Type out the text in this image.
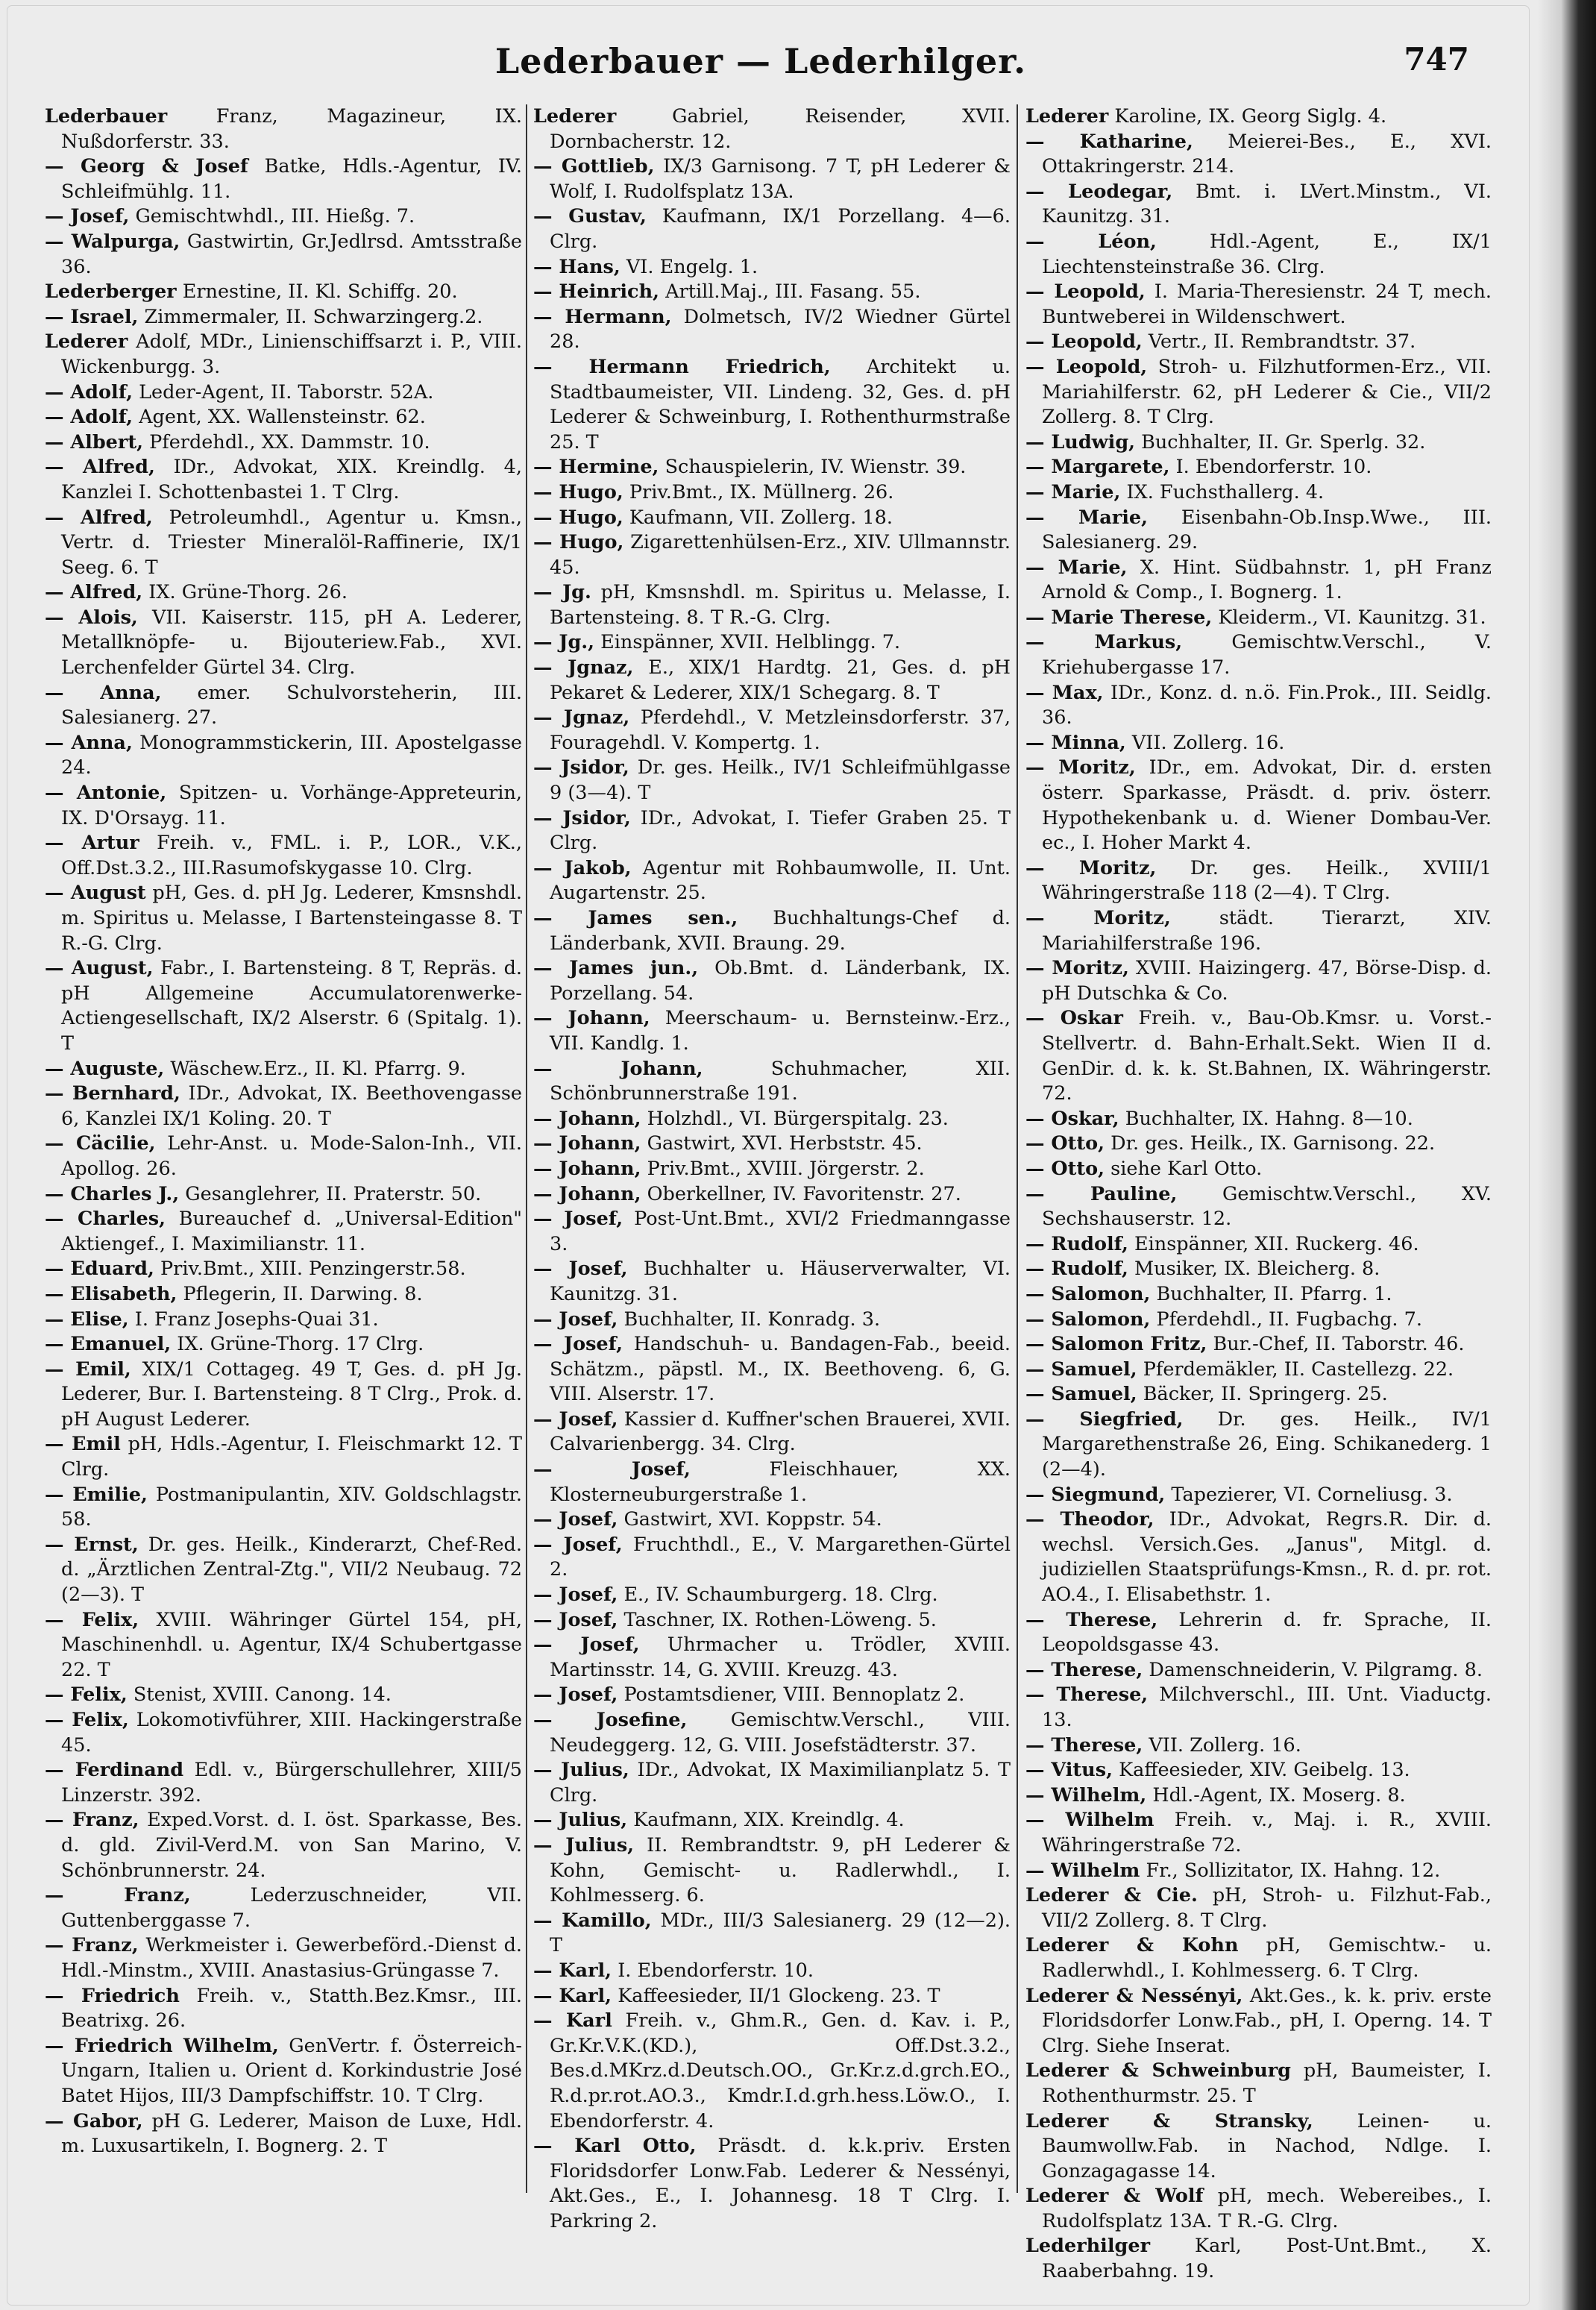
Lederbauer — Lederhilger.	747

Lederbauer	Franz, Magazineur, IX. Nußdorferstr. 33.

— Georg & Josef Batke, Hdls.-Agentur, IV. Schleifmühlg. 11.

— Josef, Gemischtwhdl., III. Hießg. 7.

— Walpurga, Gastwirtin, Gr.Jedlrsd. Amtsstraße 36.

Lederberger Ernestine, II. Kl. Schiffg. 20.

— Israel, Zimmermaler, II. Schwarzingerg.2.

Lederer Adolf, MDr., Linienschiffsarzt i. P., VIII. Wickenburgg. 3.

— Adolf, Leder-Agent, II. Taborstr. 52A.

— Adolf, Agent, XX. Wallensteinstr. 62.

— Albert, Pferdehdl., XX. Dammstr. 10.

— Alfred, IDr., Advokat, XIX. Kreindlg. 4, Kanzlei I. Schottenbastei 1. T Clrg.

— Alfred, Petroleumhdl., Agentur u. Kmsn., Vertr. d. Triester Mineralöl-Raffinerie, IX/1 Seeg. 6. T

— Alfred, IX. Grüne-Thorg. 26.

— Alois, VII. Kaiserstr. 115, pH A. Lederer, Metallknöpfe- u. Bijouteriew.Fab., XVI. Lerchenfelder Gürtel 34. Clrg.

— Anna, emer. Schulvorsteherin, III. Salesianerg. 27.

— Anna, Monogrammstickerin, III. Apostelgasse 24.

— Antonie, Spitzen- u. Vorhänge-Appreteurin, IX. D'Orsayg. 11.

— Artur Freih. v., FML. i. P., LOR., V.K., Off.Dst.3.2., III.Rasumofskygasse 10. Clrg.

— August pH, Ges. d. pH Jg. Lederer, Kmsnshdl. m. Spiritus u. Melasse, I Bartensteingasse 8. T R.-G. Clrg.

— August, Fabr., I. Bartensteing. 8 T, Repräs. d. pH Allgemeine Accumulatorenwerke-Actiengesellschaft, IX/2 Alserstr. 6 (Spitalg. 1). T

— Auguste, Wäschew.Erz., II. Kl. Pfarrg. 9.

— Bernhard, IDr., Advokat, IX. Beethovengasse 6, Kanzlei IX/1 Koling. 20. T

— Cäcilie, Lehr-Anst. u. Mode-Salon-Inh., VII. Apollog. 26.

— Charles J., Gesanglehrer, II. Praterstr. 50.

— Charles, Bureauchef d. „Universal-Edition" Aktiengef., I. Maximilianstr. 11.

— Eduard, Priv.Bmt., XIII. Penzingerstr.58.

— Elisabeth, Pflegerin, II. Darwing. 8.

— Elise, I. Franz Josephs-Quai 31.

— Emanuel, IX. Grüne-Thorg. 17 Clrg.

— Emil, XIX/1 Cottageg. 49 T, Ges. d. pH Jg. Lederer, Bur. I. Bartensteing. 8 T Clrg., Prok. d. pH August Lederer.

— Emil pH, Hdls.-Agentur, I. Fleischmarkt 12. T Clrg.

— Emilie, Postmanipulantin, XIV. Goldschlagstr. 58.

— Ernst, Dr. ges. Heilk., Kinderarzt, Chef-Red. d. „Ärztlichen Zentral-Ztg.", VII/2 Neubaug. 72 (2—3). T

— Felix, XVIII. Währinger Gürtel 154, pH, Maschinenhdl. u. Agentur, IX/4 Schubertgasse 22. T

— Felix, Stenist, XVIII. Canong. 14.

— Felix, Lokomotivführer, XIII. Hackingerstraße 45.

— Ferdinand Edl. v., Bürgerschullehrer, XIII/5 Linzerstr. 392.

— Franz, Exped.Vorst. d. I. öst. Sparkasse, Bes. d. gld. Zivil-Verd.M. von San Marino, V. Schönbrunnerstr. 24.

— Franz,	Lederzuschneider, VII. Guttenberggasse 7.

— Franz, Werkmeister i. Gewerbeförd.-Dienst d. Hdl.-Minstm., XVIII. Anastasius-Grüngasse 7.

— Friedrich Freih. v., Statth.Bez.Kmsr., III. Beatrixg. 26.

— Friedrich Wilhelm, GenVertr. f. Österreich-Ungarn, Italien u. Orient d. Korkindustrie José Batet Hijos, III/3 Dampfschiffstr. 10. T Clrg.

— Gabor, pH G. Lederer, Maison de Luxe, Hdl. m. Luxusartikeln, I. Bognerg. 2. T

Lederer	Gabriel, Reisender, XVII. Dornbacherstr. 12.

— Gottlieb, IX/3 Garnisong. 7 T, pH Lederer & Wolf, I. Rudolfsplatz 13A.

— Gustav, Kaufmann, IX/1 Porzellang. 4—6. Clrg.

— Hans, VI. Engelg. 1.

— Heinrich, Artill.Maj., III. Fasang. 55.

— Hermann, Dolmetsch, IV/2 Wiedner Gürtel 28.

— Hermann Friedrich, Architekt u. Stadtbaumeister, VII. Lindeng. 32, Ges. d. pH Lederer & Schweinburg, I. Rothenthurmstraße 25. T

— Hermine, Schauspielerin, IV. Wienstr. 39.

— Hugo, Priv.Bmt., IX. Müllnerg. 26.

— Hugo, Kaufmann, VII. Zollerg. 18.

— Hugo, Zigarettenhülsen-Erz., XIV. Ullmannstr. 45.

— Jg. pH, Kmsnshdl. m. Spiritus u. Melasse, I. Bartensteing. 8. T R.-G. Clrg.

— Jg., Einspänner, XVII. Helblingg. 7.

— Jgnaz, E., XIX/1 Hardtg. 21, Ges. d. pH Pekaret & Lederer, XIX/1 Schegarg. 8. T

— Jgnaz, Pferdehdl., V. Metzleinsdorferstr. 37, Fouragehdl. V. Kompertg. 1.

— Jsidor, Dr. ges. Heilk., IV/1 Schleifmühlgasse 9 (3—4). T

— Jsidor, IDr., Advokat, I. Tiefer Graben 25. T Clrg.

— Jakob, Agentur mit Rohbaumwolle, II. Unt. Augartenstr. 25.

— James sen., Buchhaltungs-Chef d. Länderbank, XVII. Braung. 29.

— James jun., Ob.Bmt. d. Länderbank, IX. Porzellang. 54.

— Johann, Meerschaum- u. Bernsteinw.-Erz., VII. Kandlg. 1.

— Johann,	Schuhmacher, XII. Schönbrunnerstraße 191.

— Johann, Holzhdl., VI. Bürgerspitalg. 23.

— Johann, Gastwirt, XVI. Herbststr. 45.

— Johann, Priv.Bmt., XVIII. Jörgerstr. 2.

— Johann, Oberkellner, IV. Favoritenstr. 27.

— Josef, Post-Unt.Bmt., XVI/2 Friedmanngasse 3.

— Josef, Buchhalter u. Häuserverwalter, VI. Kaunitzg. 31.

— Josef, Buchhalter, II. Konradg. 3.

— Josef, Handschuh- u. Bandagen-Fab., beeid. Schätzm., päpstl. M., IX. Beethoveng. 6, G. VIII. Alserstr. 17.

— Josef, Kassier d. Kuffner'schen Brauerei, XVII. Calvarienbergg. 34. Clrg.

— Josef,	Fleischhauer, XX. Klosterneuburgerstraße 1.

— Josef, Gastwirt, XVI. Koppstr. 54.

— Josef, Fruchthdl., E., V. Margarethen-Gürtel 2.

— Josef, E., IV. Schaumburgerg. 18. Clrg.

— Josef, Taschner, IX. Rothen-Löweng. 5.

— Josef, Uhrmacher u. Trödler, XVIII. Martinsstr. 14, G. XVIII. Kreuzg. 43.

— Josef, Postamtsdiener, VIII. Bennoplatz 2.

— Josefine, Gemischtw.Verschl., VIII. Neudeggerg. 12, G. VIII. Josefstädterstr. 37.

— Julius, IDr., Advokat, IX Maximilianplatz 5. T Clrg.

— Julius, Kaufmann, XIX. Kreindlg. 4.

— Julius, II. Rembrandtstr. 9, pH Lederer & Kohn, Gemischt- u. Radlerwhdl., I. Kohlmesserg. 6.

— Kamillo, MDr., III/3 Salesianerg. 29 (12—2). T

— Karl, I. Ebendorferstr. 10.

— Karl, Kaffeesieder, II/1 Glockeng. 23. T

— Karl Freih. v., Ghm.R., Gen. d. Kav. i. P., Gr.Kr.V.K.(KD.), Off.Dst.3.2., Bes.d.MKrz.d.Deutsch.OO., Gr.Kr.z.d.grch.EO., R.d.pr.rot.AO.3., Kmdr.I.d.grh.hess.Löw.O., I. Ebendorferstr. 4.

— Karl Otto, Präsdt. d. k.k.priv. Ersten Floridsdorfer Lonw.Fab. Lederer & Nessényi, Akt.Ges., E., I. Johannesg. 18 T Clrg. I. Parkring 2.

Lederer Karoline, IX. Georg Siglg. 4.

— Katharine, Meierei-Bes., E., XVI. Ottakringerstr. 214.

— Leodegar, Bmt. i. LVert.Minstm., VI. Kaunitzg. 31.

— Léon,	Hdl.-Agent, E., IX/1 Liechtensteinstraße 36. Clrg.

— Leopold, I. Maria-Theresienstr. 24 T, mech. Buntweberei in Wildenschwert.

— Leopold, Vertr., II. Rembrandtstr. 37.

— Leopold, Stroh- u. Filzhutformen-Erz., VII. Mariahilferstr. 62, pH Lederer & Cie., VII/2 Zollerg. 8. T Clrg.

— Ludwig, Buchhalter, II. Gr. Sperlg. 32.

— Margarete, I. Ebendorferstr. 10.

— Marie, IX. Fuchsthallerg. 4.

— Marie, Eisenbahn-Ob.Insp.Wwe., III. Salesianerg. 29.

— Marie, X. Hint. Südbahnstr. 1, pH Franz Arnold & Comp., I. Bognerg. 1.

— Marie Therese, Kleiderm., VI. Kaunitzg. 31.

— Markus,	Gemischtw.Verschl., V. Kriehubergasse 17.

— Max, IDr., Konz. d. n.ö. Fin.Prok., III. Seidlg. 36.

— Minna, VII. Zollerg. 16.

— Moritz, IDr., em. Advokat, Dir. d. ersten österr. Sparkasse, Präsdt. d. priv. österr. Hypothekenbank u. d. Wiener Dombau-Ver. ec., I. Hoher Markt 4.

— Moritz, Dr. ges. Heilk., XVIII/1 Währingerstraße 118 (2—4). T Clrg.

— Moritz,	städt. Tierarzt, XIV. Mariahilferstraße 196.

— Moritz, XVIII. Haizingerg. 47, Börse-Disp. d. pH Dutschka & Co.

— Oskar Freih. v., Bau-Ob.Kmsr. u. Vorst.-Stellvertr. d. Bahn-Erhalt.Sekt. Wien II d. GenDir. d. k. k. St.Bahnen, IX. Währingerstr. 72.

— Oskar, Buchhalter, IX. Hahng. 8—10.

— Otto, Dr. ges. Heilk., IX. Garnisong. 22.

— Otto, siehe Karl Otto.

— Pauline, Gemischtw.Verschl., XV. Sechshauserstr. 12.

— Rudolf, Einspänner, XII. Ruckerg. 46.

— Rudolf, Musiker, IX. Bleicherg. 8.

— Salomon, Buchhalter, II. Pfarrg. 1.

— Salomon, Pferdehdl., II. Fugbachg. 7.

— Salomon Fritz, Bur.-Chef, II. Taborstr. 46.

— Samuel, Pferdemäkler, II. Castellezg. 22.

— Samuel, Bäcker, II. Springerg. 25.

— Siegfried, Dr. ges. Heilk., IV/1 Margarethenstraße 26, Eing. Schikanederg. 1 (2—4).

— Siegmund, Tapezierer, VI. Corneliusg. 3.

— Theodor, IDr., Advokat, Regrs.R. Dir. d. wechsl. Versich.Ges. „Janus", Mitgl. d. judiziellen Staatsprüfungs-Kmsn., R. d. pr. rot. AO.4., I. Elisabethstr. 1.

— Therese, Lehrerin d. fr. Sprache, II. Leopoldsgasse 43.

— Therese, Damenschneiderin, V. Pilgramg. 8.

— Therese, Milchverschl., III. Unt. Viaductg. 13.

— Therese, VII. Zollerg. 16.

— Vitus, Kaffeesieder, XIV. Geibelg. 13.

— Wilhelm, Hdl.-Agent, IX. Moserg. 8.

— Wilhelm Freih. v., Maj. i. R., XVIII. Währingerstraße 72.

— Wilhelm Fr., Sollizitator, IX. Hahng. 12.

Lederer & Cie. pH, Stroh- u. Filzhut-Fab., VII/2 Zollerg. 8. T Clrg.

Lederer & Kohn pH, Gemischtw.- u. Radlerwhdl., I. Kohlmesserg. 6. T Clrg.

Lederer & Nessényi, Akt.Ges., k. k. priv. erste Floridsdorfer Lonw.Fab., pH, I. Operng. 14. T Clrg. Siehe Inserat.

Lederer & Schweinburg pH, Baumeister, I. Rothenthurmstr. 25. T

Lederer & Stransky, Leinen- u. Baumwollw.Fab. in Nachod, Ndlge. I. Gonzagagasse 14.

Lederer & Wolf pH, mech. Webereibes., I. Rudolfsplatz 13A. T R.-G. Clrg.

Lederhilger Karl, Post-Unt.Bmt., X. Raaberbahng. 19.
